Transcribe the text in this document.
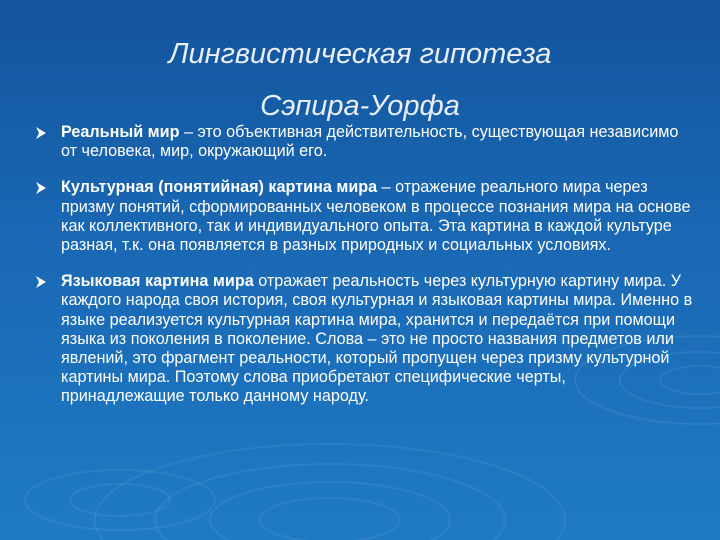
Лингвистическая гипотеза
Сэпира-Уорфа
Реальный мир – это объективная действительность, существующая независимо от человека, мир, окружающий его.
Культурная (понятийная) картина мира – отражение реального мира через призму понятий, сформированных человеком в процессе познания мира на основе как коллективного, так и индивидуального опыта. Эта картина в каждой культуре разная, т.к. она появляется в разных природных и социальных условиях.
Языковая картина мира отражает реальность через культурную картину мира. У каждого народа своя история, своя культурная и языковая картины мира. Именно в языке реализуется культурная картина мира, хранится и передаётся при помощи языка из поколения в поколение. Слова – это не просто названия предметов или явлений, это фрагмент реальности, который пропущен через призму культурной картины мира. Поэтому слова приобретают специфические черты, принадлежащие только данному народу.
